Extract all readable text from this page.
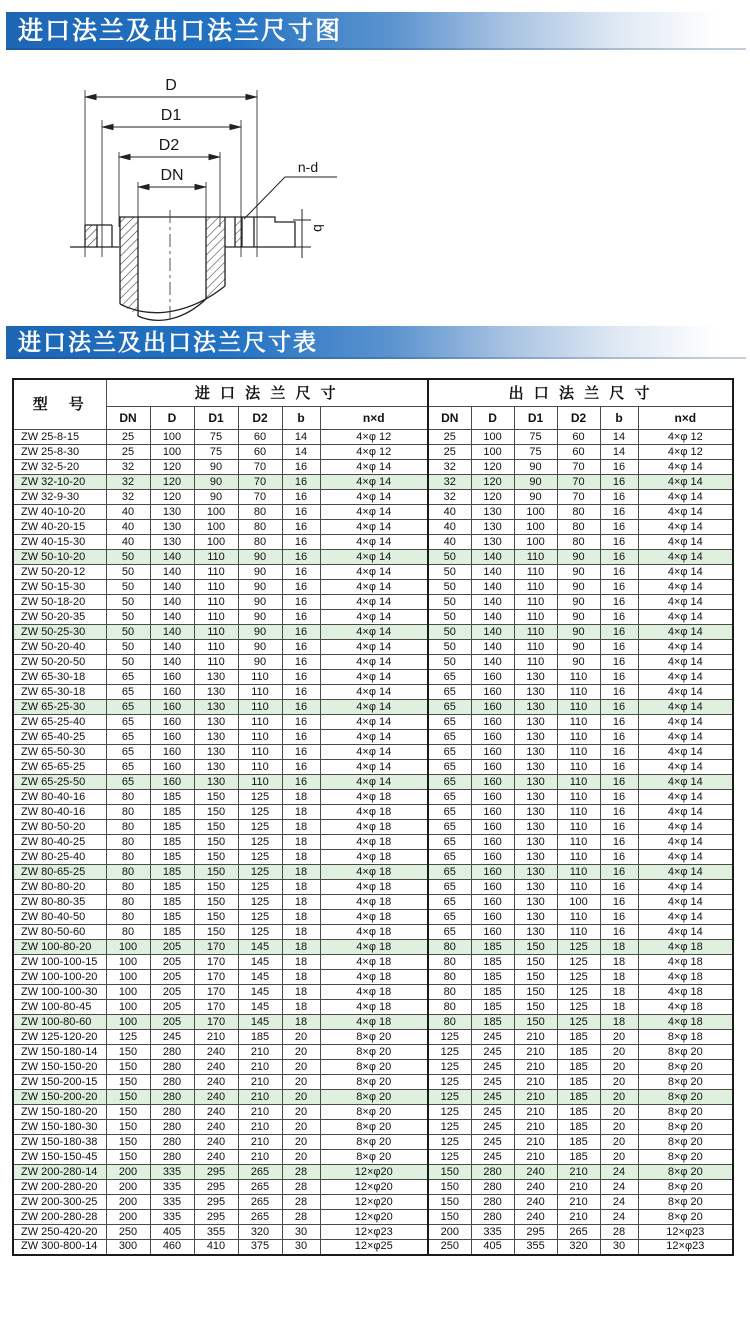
进口法兰及出口法兰尺寸图
D
D1
D2
DN	n-d
b
进口法兰及出口法兰尺寸表
型　号	进 口 法 兰 尺 寸						出 口 法 兰 尺 寸					
	DN	D	D1	D2	b	n×d	DN	D	D1	D2	b	n×d
ZW 25-8-15	25	100	75	60	14	4×φ 12	25	100	75	60	14	4×φ 12
ZW 25-8-30	25	100	75	60	14	4×φ 12	25	100	75	60	14	4×φ 12
ZW 32-5-20	32	120	90	70	16	4×φ 14	32	120	90	70	16	4×φ 14
ZW 32-10-20	32	120	90	70	16	4×φ 14	32	120	90	70	16	4×φ 14
ZW 32-9-30	32	120	90	70	16	4×φ 14	32	120	90	70	16	4×φ 14
ZW 40-10-20	40	130	100	80	16	4×φ 14	40	130	100	80	16	4×φ 14
ZW 40-20-15	40	130	100	80	16	4×φ 14	40	130	100	80	16	4×φ 14
ZW 40-15-30	40	130	100	80	16	4×φ 14	40	130	100	80	16	4×φ 14
ZW 50-10-20	50	140	110	90	16	4×φ 14	50	140	110	90	16	4×φ 14
ZW 50-20-12	50	140	110	90	16	4×φ 14	50	140	110	90	16	4×φ 14
ZW 50-15-30	50	140	110	90	16	4×φ 14	50	140	110	90	16	4×φ 14
ZW 50-18-20	50	140	110	90	16	4×φ 14	50	140	110	90	16	4×φ 14
ZW 50-20-35	50	140	110	90	16	4×φ 14	50	140	110	90	16	4×φ 14
ZW 50-25-30	50	140	110	90	16	4×φ 14	50	140	110	90	16	4×φ 14
ZW 50-20-40	50	140	110	90	16	4×φ 14	50	140	110	90	16	4×φ 14
ZW 50-20-50	50	140	110	90	16	4×φ 14	50	140	110	90	16	4×φ 14
ZW 65-30-18	65	160	130	110	16	4×φ 14	65	160	130	110	16	4×φ 14
ZW 65-30-18	65	160	130	110	16	4×φ 14	65	160	130	110	16	4×φ 14
ZW 65-25-30	65	160	130	110	16	4×φ 14	65	160	130	110	16	4×φ 14
ZW 65-25-40	65	160	130	110	16	4×φ 14	65	160	130	110	16	4×φ 14
ZW 65-40-25	65	160	130	110	16	4×φ 14	65	160	130	110	16	4×φ 14
ZW 65-50-30	65	160	130	110	16	4×φ 14	65	160	130	110	16	4×φ 14
ZW 65-65-25	65	160	130	110	16	4×φ 14	65	160	130	110	16	4×φ 14
ZW 65-25-50	65	160	130	110	16	4×φ 14	65	160	130	110	16	4×φ 14
ZW 80-40-16	80	185	150	125	18	4×φ 18	65	160	130	110	16	4×φ 14
ZW 80-40-16	80	185	150	125	18	4×φ 18	65	160	130	110	16	4×φ 14
ZW 80-50-20	80	185	150	125	18	4×φ 18	65	160	130	110	16	4×φ 14
ZW 80-40-25	80	185	150	125	18	4×φ 18	65	160	130	110	16	4×φ 14
ZW 80-25-40	80	185	150	125	18	4×φ 18	65	160	130	110	16	4×φ 14
ZW 80-65-25	80	185	150	125	18	4×φ 18	65	160	130	110	16	4×φ 14
ZW 80-80-20	80	185	150	125	18	4×φ 18	65	160	130	110	16	4×φ 14
ZW 80-80-35	80	185	150	125	18	4×φ 18	65	160	130	100	16	4×φ 14
ZW 80-40-50	80	185	150	125	18	4×φ 18	65	160	130	110	16	4×φ 14
ZW 80-50-60	80	185	150	125	18	4×φ 18	65	160	130	110	16	4×φ 14
ZW 100-80-20	100	205	170	145	18	4×φ 18	80	185	150	125	18	4×φ 18
ZW 100-100-15	100	205	170	145	18	4×φ 18	80	185	150	125	18	4×φ 18
ZW 100-100-20	100	205	170	145	18	4×φ 18	80	185	150	125	18	4×φ 18
ZW 100-100-30	100	205	170	145	18	4×φ 18	80	185	150	125	18	4×φ 18
ZW 100-80-45	100	205	170	145	18	4×φ 18	80	185	150	125	18	4×φ 18
ZW 100-80-60	100	205	170	145	18	4×φ 18	80	185	150	125	18	4×φ 18
ZW 125-120-20	125	245	210	185	20	8×φ 20	125	245	210	185	20	8×φ 18
ZW 150-180-14	150	280	240	210	20	8×φ 20	125	245	210	185	20	8×φ 20
ZW 150-150-20	150	280	240	210	20	8×φ 20	125	245	210	185	20	8×φ 20
ZW 150-200-15	150	280	240	210	20	8×φ 20	125	245	210	185	20	8×φ 20
ZW 150-200-20	150	280	240	210	20	8×φ 20	125	245	210	185	20	8×φ 20
ZW 150-180-20	150	280	240	210	20	8×φ 20	125	245	210	185	20	8×φ 20
ZW 150-180-30	150	280	240	210	20	8×φ 20	125	245	210	185	20	8×φ 20
ZW 150-180-38	150	280	240	210	20	8×φ 20	125	245	210	185	20	8×φ 20
ZW 150-150-45	150	280	240	210	20	8×φ 20	125	245	210	185	20	8×φ 20
ZW 200-280-14	200	335	295	265	28	12×φ20	150	280	240	210	24	8×φ 20
ZW 200-280-20	200	335	295	265	28	12×φ20	150	280	240	210	24	8×φ 20
ZW 200-300-25	200	335	295	265	28	12×φ20	150	280	240	210	24	8×φ 20
ZW 200-280-28	200	335	295	265	28	12×φ20	150	280	240	210	24	8×φ 20
ZW 250-420-20	250	405	355	320	30	12×φ23	200	335	295	265	28	12×φ23
ZW 300-800-14	300	460	410	375	30	12×φ25	250	405	355	320	30	12×φ23
